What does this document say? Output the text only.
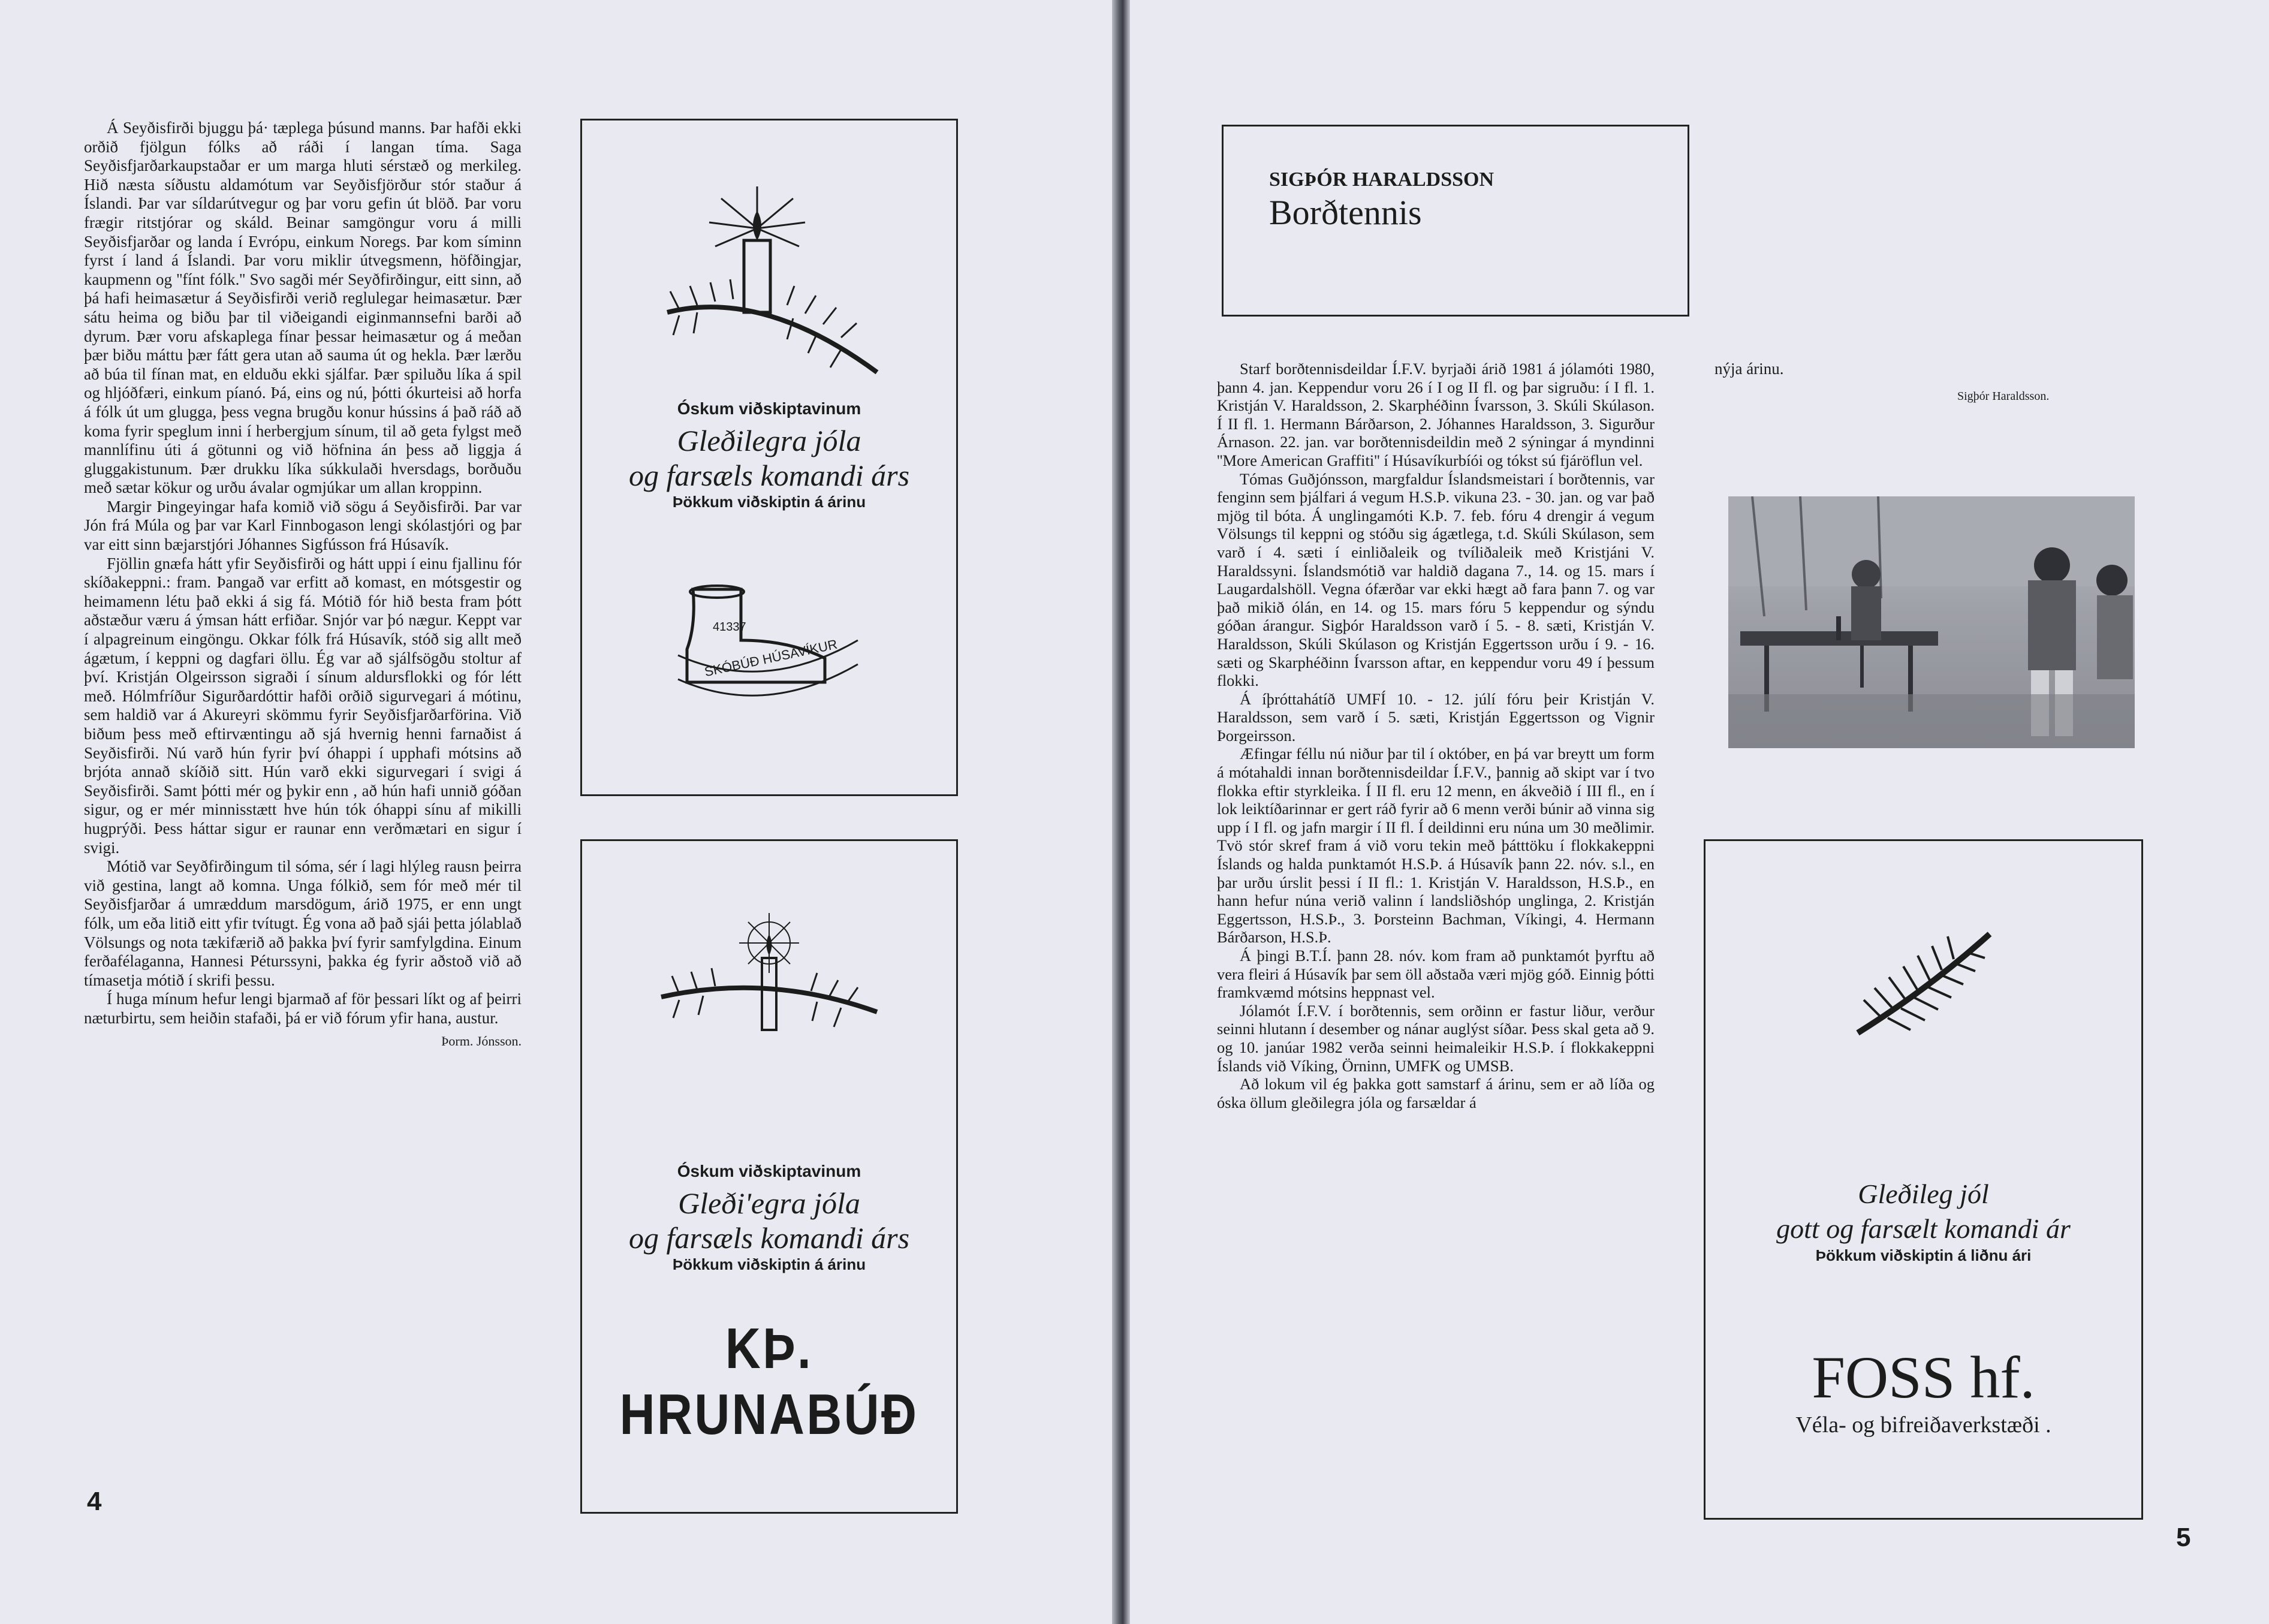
Á Seyðisfirði bjuggu þá· tæplega þúsund manns. Þar hafði ekki orðið fjölgun fólks að ráði í langan tíma. Saga Seyðisfjarðarkaupstaðar er um marga hluti sérstæð og merkileg. Hið næsta síðustu aldamótum var Seyðisfjörður stór staður á Íslandi. Þar var síldarútvegur og þar voru gefin út blöð. Þar voru frægir ritstjórar og skáld. Beinar samgöngur voru á milli Seyðisfjarðar og landa í Evrópu, einkum Noregs. Þar kom síminn fyrst í land á Íslandi. Þar voru miklir útvegsmenn, höfðingjar, kaupmenn og ''fínt fólk.'' Svo sagði mér Seyðfirðingur, eitt sinn, að þá hafi heimasætur á Seyðisfirði verið reglulegar heimasætur. Þær sátu heima og biðu þar til viðeigandi eiginmannsefni barði að dyrum. Þær voru afskaplega fínar þessar heimasætur og á meðan þær biðu máttu þær fátt gera utan að sauma út og hekla. Þær lærðu að búa til fínan mat, en elduðu ekki sjálfar. Þær spiluðu líka á spil og hljóðfæri, einkum píanó. Þá, eins og nú, þótti ókurteisi að horfa á fólk út um glugga, þess vegna brugðu konur hússins á það ráð að koma fyrir speglum inni í herbergjum sínum, til að geta fylgst með mannlífinu úti á götunni og við höfnina án þess að liggja á gluggakistunum. Þær drukku líka súkkulaði hversdags, borðuðu með sætar kökur og urðu ávalar ogmjúkar um allan kroppinn.

Margir Þingeyingar hafa komið við sögu á Seyðisfirði. Þar var Jón frá Múla og þar var Karl Finnbogason lengi skólastjóri og þar var eitt sinn bæjarstjóri Jóhannes Sigfússon frá Húsavík.

Fjöllin gnæfa hátt yfir Seyðisfirði og hátt uppi í einu fjallinu fór skíðakeppni.: fram. Þangað var erfitt að komast, en mótsgestir og heimamenn létu það ekki á sig fá. Mótið fór hið besta fram þótt aðstæður væru á ýmsan hátt erfiðar. Snjór var þó nægur. Keppt var í alpagreinum eingöngu. Okkar fólk frá Húsavík, stóð sig allt með ágætum, í keppni og dagfari öllu. Ég var að sjálfsögðu stoltur af því. Kristján Olgeirsson sigraði í sínum aldursflokki og fór létt með. Hólmfríður Sigurðardóttir hafði orðið sigurvegari á mótinu, sem haldið var á Akureyri skömmu fyrir Seyðisfjarðarförina. Við biðum þess með eftirvæntingu að sjá hvernig henni farnaðist á Seyðisfirði. Nú varð hún fyrir því óhappi í upphafi mótsins að brjóta annað skíðið sitt. Hún varð ekki sigurvegari í svigi á Seyðisfirði. Samt þótti mér og þykir enn , að hún hafi unnið góðan sigur, og er mér minnisstætt hve hún tók óhappi sínu af mikilli hugprýði. Þess háttar sigur er raunar enn verðmætari en sigur í svigi.

Mótið var Seyðfirðingum til sóma, sér í lagi hlýleg rausn þeirra við gestina, langt að komna. Unga fólkið, sem fór með mér til Seyðisfjarðar á umræddum marsdögum, árið 1975, er enn ungt fólk, um eða litið eitt yfir tvítugt. Ég vona að það sjái þetta jólablað Völsungs og nota tækifærið að þakka því fyrir samfylgdina. Einum ferðafélaganna, Hannesi Péturssyni, þakka ég fyrir aðstoð við að tímasetja mótið í skrifi þessu.

Í huga mínum hefur lengi bjarmað af för þessari líkt og af þeirri næturbirtu, sem heiðin stafaði, þá er við fórum yfir hana, austur.

Þorm. Jónsson.
4
Óskum viðskiptavinum
Gleðilegra jóla
og farsæls komandi árs
Þökkum viðskiptin á árinu
41337
SKÓBÚÐ HÚSAVÍKUR
Óskum viðskiptavinum
Gleði'egra jóla
og farsæls komandi árs
Þökkum viðskiptin á árinu
KÞ. HRUNABÚÐ
SIGÞÓR HARALDSSON
Borðtennis

Starf borðtennisdeildar Í.F.V. byrjaði árið 1981 á jólamóti 1980, þann 4. jan. Keppendur voru 26 í I og II fl. og þar sigruðu: í I fl. 1. Kristján V. Haraldsson, 2. Skarphéðinn Ívarsson, 3. Skúli Skúlason. Í II fl. 1. Hermann Bárðarson, 2. Jóhannes Haraldsson, 3. Sigurður Árnason. 22. jan. var borðtennisdeildin með 2 sýningar á myndinni ''More American Graffiti'' í Húsavíkurbíói og tókst sú fjáröflun vel.

Tómas Guðjónsson, margfaldur Íslandsmeistari í borðtennis, var fenginn sem þjálfari á vegum H.S.Þ. vikuna 23. - 30. jan. og var það mjög til bóta. Á unglingamóti K.Þ. 7. feb. fóru 4 drengir á vegum Völsungs til keppni og stóðu sig ágætlega, t.d. Skúli Skúlason, sem varð í 4. sæti í einliðaleik og tvíliðaleik með Kristjáni V. Haraldssyni. Íslandsmótið var haldið dagana 7., 14. og 15. mars í Laugardalshöll. Vegna ófærðar var ekki hægt að fara þann 7. og var það mikið ólán, en 14. og 15. mars fóru 5 keppendur og sýndu góðan árangur. Sigþór Haraldsson varð í 5. - 8. sæti, Kristján V. Haraldsson, Skúli Skúlason og Kristján Eggertsson urðu í 9. - 16. sæti og Skarphéðinn Ívarsson aftar, en keppendur voru 49 í þessum flokki.

Á íþróttahátíð UMFÍ 10. - 12. júlí fóru þeir Kristján V. Haraldsson, sem varð í 5. sæti, Kristján Eggertsson og Vignir Þorgeirsson.

Æfingar féllu nú niður þar til í október, en þá var breytt um form á mótahaldi innan borðtennisdeildar Í.F.V., þannig að skipt var í tvo flokka eftir styrkleika. Í II fl. eru 12 menn, en ákveðið í III fl., en í lok leiktíðarinnar er gert ráð fyrir að 6 menn verði búnir að vinna sig upp í I fl. og jafn margir í II fl. Í deildinni eru núna um 30 meðlimir. Tvö stór skref fram á við voru tekin með þátttöku í flokkakeppni Íslands og halda punktamót H.S.Þ. á Húsavík þann 22. nóv. s.l., en þar urðu úrslit þessi í II fl.: 1. Kristján V. Haraldsson, H.S.Þ., en hann hefur núna verið valinn í landsliðshóp unglinga, 2. Kristján Eggertsson, H.S.Þ., 3. Þorsteinn Bachman, Víkingi, 4. Hermann Bárðarson, H.S.Þ.

Á þingi B.T.Í. þann 28. nóv. kom fram að punktamót þyrftu að vera fleiri á Húsavík þar sem öll aðstaða væri mjög góð. Einnig þótti framkvæmd mótsins heppnast vel.

Jólamót Í.F.V. í borðtennis, sem orðinn er fastur liður, verður seinni hlutann í desember og nánar auglýst síðar. Þess skal geta að 9. og 10. janúar 1982 verða seinni heimaleikir H.S.Þ. í flokkakeppni Íslands við Víking, Örninn, UMFK og UMSB.

Að lokum vil ég þakka gott samstarf á árinu, sem er að líða og óska öllum gleðilegra jóla og farsældar á

nýja árinu.
Sigþór Haraldsson.
Gleðileg jól
gott og farsælt komandi ár
Þökkum viðskiptin á liðnu ári
FOSS hf.
Véla- og bifreiðaverkstæði .
5
